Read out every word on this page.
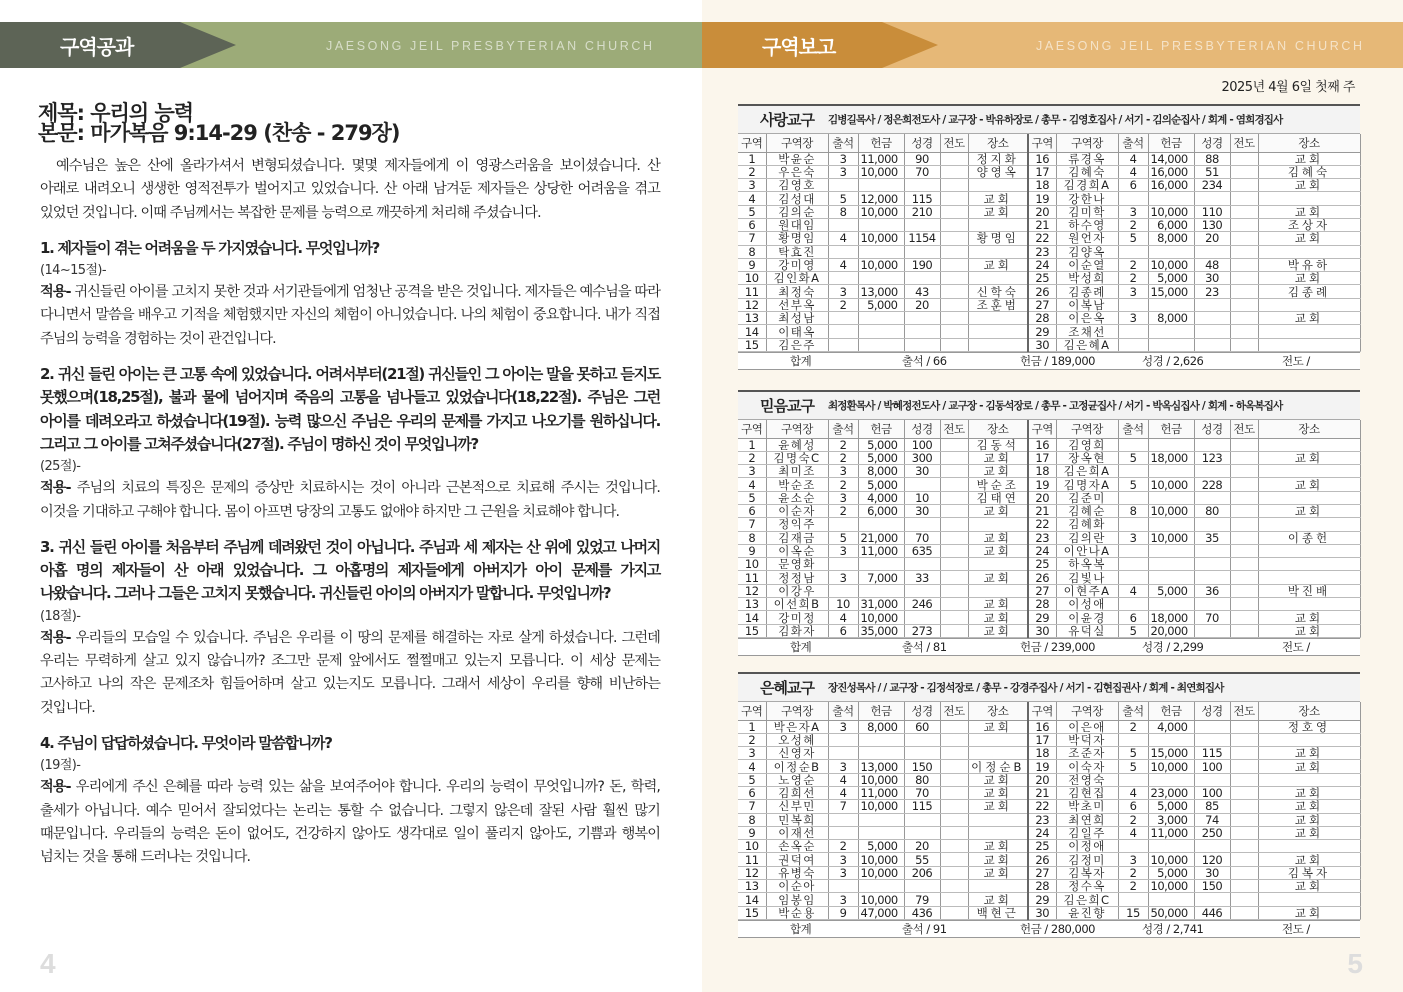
구역공과	JAESONG JEIL PRESBYTERIAN CHURCH
제목: 우리의 능력
본문: 마가복음 9:14-29 (찬송 - 279장)

예수님은 높은 산에 올라가셔서 변형되셨습니다. 몇몇 제자들에게 이 영광스러움을 보이셨습니다. 산 아래로 내려오니 생생한 영적전투가 벌어지고 있었습니다. 산 아래 남겨둔 제자들은 상당한 어려움을 겪고 있었던 것입니다. 이때 주님께서는 복잡한 문제를 능력으로 깨끗하게 처리해 주셨습니다.

1. 제자들이 겪는 어려움을 두 가지였습니다. 무엇입니까?

(14~15절)-

적용- 귀신들린 아이를 고치지 못한 것과 서기관들에게 엄청난 공격을 받은 것입니다. 제자들은 예수님을 따라 다니면서 말씀을 배우고 기적을 체험했지만 자신의 체험이 아니었습니다. 나의 체험이 중요합니다. 내가 직접 주님의 능력을 경험하는 것이 관건입니다.

2. 귀신 들린 아이는 큰 고통 속에 있었습니다. 어려서부터(21절) 귀신들인 그 아이는 말을 못하고 듣지도 못했으며(18,25절), 불과 물에 넘어지며 죽음의 고통을 넘나들고 있었습니다(18,22절). 주님은 그런 아이를 데려오라고 하셨습니다(19절). 능력 많으신 주님은 우리의 문제를 가지고 나오기를 원하십니다. 그리고 그 아이를 고쳐주셨습니다(27절). 주님이 명하신 것이 무엇입니까?

(25절)-

적용- 주님의 치료의 특징은 문제의 증상만 치료하시는 것이 아니라 근본적으로 치료해 주시는 것입니다. 이것을 기대하고 구해야 합니다. 몸이 아프면 당장의 고통도 없애야 하지만 그 근원을 치료해야 합니다.

3. 귀신 들린 아이를 처음부터 주님께 데려왔던 것이 아닙니다. 주님과 세 제자는 산 위에 있었고 나머지 아홉 명의 제자들이 산 아래 있었습니다. 그 아홉명의 제자들에게 아버지가 아이 문제를 가지고 나왔습니다. 그러나 그들은 고치지 못했습니다. 귀신들린 아이의 아버지가 말합니다. 무엇입니까?

(18절)-

적용- 우리들의 모습일 수 있습니다. 주님은 우리를 이 땅의 문제를 해결하는 자로 살게 하셨습니다. 그런데 우리는 무력하게 살고 있지 않습니까? 조그만 문제 앞에서도 쩔쩔매고 있는지 모릅니다. 이 세상 문제는 고사하고 나의 작은 문제조차 힘들어하며 살고 있는지도 모릅니다. 그래서 세상이 우리를 향해 비난하는 것입니다.

4. 주님이 답답하셨습니다. 무엇이라 말씀합니까?

(19절)-

적용- 우리에게 주신 은혜를 따라 능력 있는 삶을 보여주어야 합니다. 우리의 능력이 무엇입니까? 돈, 학력, 출세가 아닙니다. 예수 믿어서 잘되었다는 논리는 통할 수 없습니다. 그렇지 않은데 잘된 사람 훨씬 많기 때문입니다. 우리들의 능력은 돈이 없어도, 건강하지 않아도 생각대로 일이 풀리지 않아도, 기쁨과 행복이 넘치는 것을 통해 드러나는 것입니다.

4
구역보고	JAESONG JEIL PRESBYTERIAN CHURCH
2025년 4월 6일 첫째 주
사랑교구 김병길목사 / 정은희전도사 / 교구장 - 박유하장로 / 총무 - 김영호집사 / 서기 - 김의순집사 / 회계 - 염희경집사
구역	구역장	출석	헌금	성경	전도	장소	구역	구역장	출석	헌금	성경	전도	장소
1	박윤순	3	11,000	90		정지화	16	류경옥	4	14,000	88		교회
2	우은숙	3	10,000	70		양영옥	17	김혜숙	4	16,000	51		김혜숙
3	김영호						18	김경희A	6	16,000	234		교회
4	김성대	5	12,000	115		교회	19	강한나					
5	김의순	8	10,000	210		교회	20	김미학	3	10,000	110		교회
6	원대임						21	하수영	2	6,000	130		조상자
7	황명임	4	10,000	1154		황명임	22	원언자	5	8,000	20		교회
8	탁효진						23	김양옥					
9	강미영	4	10,000	190		교회	24	이순열	2	10,000	48		박유하
10	김인화A						25	박성희	2	5,000	30		교회
11	최정숙	3	13,000	43		신학숙	26	김종례	3	15,000	23		김종례
12	선부옥	2	5,000	20		조훈범	27	이복남					
13	최성남						28	이은옥	3	8,000			교회
14	이태옥						29	조채선					
15	김은주						30	김은혜A					
합계	출석 / 66	헌금 / 189,000	성경 / 2,626	전도 /
믿음교구 최정환목사 / 박혜정전도사 / 교구장 - 김동석장로 / 총무 - 고정균집사 / 서기 - 박옥심집사 / 회계 - 하옥복집사
구역	구역장	출석	헌금	성경	전도	장소	구역	구역장	출석	헌금	성경	전도	장소
1	윤혜성	2	5,000	100		김동석	16	김영희					
2	김명숙C	2	5,000	300		교회	17	장옥현	5	18,000	123		교회
3	최미조	3	8,000	30		교회	18	김은희A					
4	박순조	2	5,000			박순조	19	김명자A	5	10,000	228		교회
5	윤소순	3	4,000	10		김태연	20	김준미					
6	이순자	2	6,000	30		교회	21	김혜순	8	10,000	80		교회
7	정익주						22	김혜화					
8	김재금	5	21,000	70		교회	23	김의란	3	10,000	35		이종헌
9	이옥순	3	11,000	635		교회	24	이안나A					
10	문영화						25	하옥복					
11	정정남	3	7,000	33		교회	26	김빛나					
12	이강우						27	이현주A	4	5,000	36		박진배
13	이선희B	10	31,000	246		교회	28	이성애					
14	강미정	4	10,000			교회	29	이윤경	6	18,000	70		교회
15	김화자	6	35,000	273		교회	30	유덕실	5	20,000			교회
합계	출석 / 81	헌금 / 239,000	성경 / 2,299	전도 /
은혜교구 장진성목사 / / 교구장 - 김정석장로 / 총무 - 강경주집사 / 서기 - 김현집권사 / 회계 - 최연희집사
구역	구역장	출석	헌금	성경	전도	장소	구역	구역장	출석	헌금	성경	전도	장소
1	박은자A	3	8,000	60		교회	16	이은애	2	4,000			정호영
2	오성혜						17	박덕자					
3	신영자						18	조준자	5	15,000	115		교회
4	이정순B	3	13,000	150		이정순B	19	이숙자	5	10,000	100		교회
5	노영순	4	10,000	80		교회	20	전영숙					
6	김희선	4	11,000	70		교회	21	김현집	4	23,000	100		교회
7	신부민	7	10,000	115		교회	22	박초미	6	5,000	85		교회
8	민복희						23	최연희	2	3,000	74		교회
9	이재선						24	김일주	4	11,000	250		교회
10	손옥순	2	5,000	20		교회	25	이정애					
11	권덕여	3	10,000	55		교회	26	김정미	3	10,000	120		교회
12	유병숙	3	10,000	206		교회	27	김복자	2	5,000	30		김복자
13	이순아						28	정수옥	2	10,000	150		교회
14	임봉임	3	10,000	79		교회	29	김은희C					
15	박순용	9	47,000	436		백현근	30	윤진향	15	50,000	446		교회
합계	출석 / 91	헌금 / 280,000	성경 / 2,741	전도 /
5
